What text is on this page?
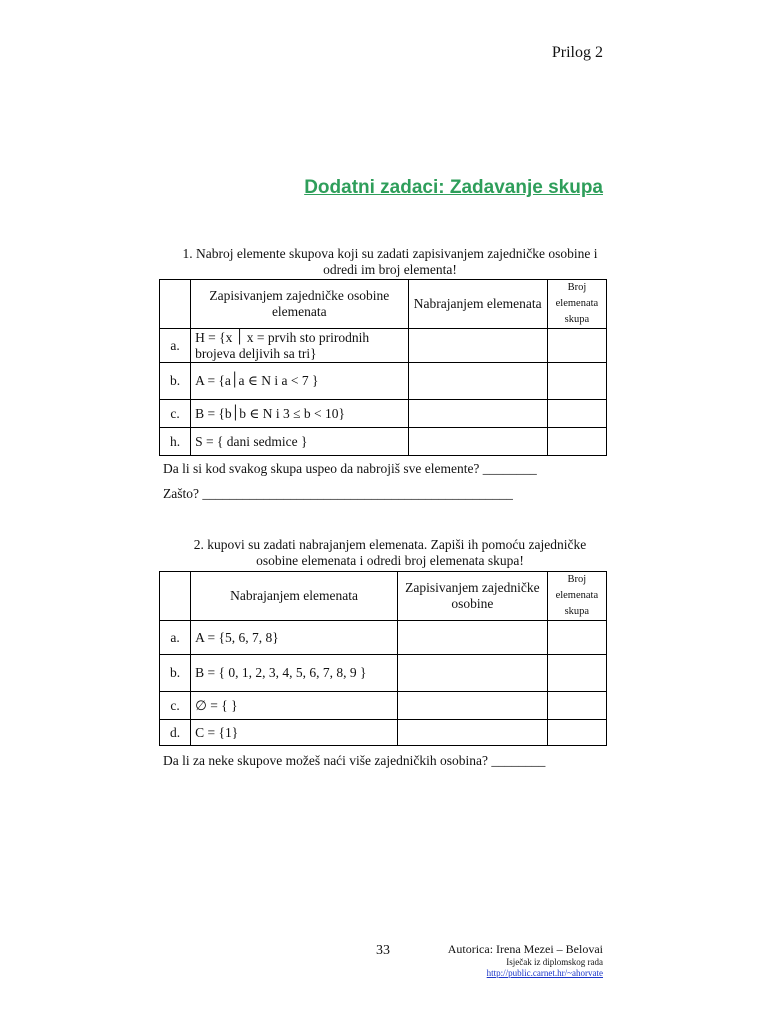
Prilog 2
Dodatni zadaci: Zadavanje skupa
1. Nabroj elemente skupova koji su zadati zapisivanjem zajedničke osobine i odredi im broj elementa!
	Zapisivanjem zajedničke osobine elemenata	Nabrajanjem elemenata	Broj elemenata skupa
a.	H = {x ׀ x = prvih sto prirodnih brojeva deljivih sa tri}		
b.	A = {a׀a ∈ N i a < 7 }		
c.	B = {b׀b ∈ N i 3 ≤ b < 10}		
h.	S = { dani sedmice }		
Da li si kod svakog skupa uspeo da nabrojiš sve elemente? ________
Zašto? ______________________________________________
2. kupovi su zadati nabrajanjem elemenata. Zapiši ih pomoću zajedničke osobine elemenata i odredi broj elemenata skupa!
	Nabrajanjem elemenata	Zapisivanjem zajedničke osobine	Broj elemenata skupa
a.	A = {5, 6, 7, 8}		
b.	B = { 0, 1, 2, 3, 4, 5, 6, 7, 8, 9 }		
c.	∅ = { }		
d.	C = {1}		
Da li za neke skupove možeš naći više zajedničkih osobina? ________
33	Autorica: Irena Mezei – Belovai
Isječak iz diplomskog rada
http://public.carnet.hr/~ahorvate
